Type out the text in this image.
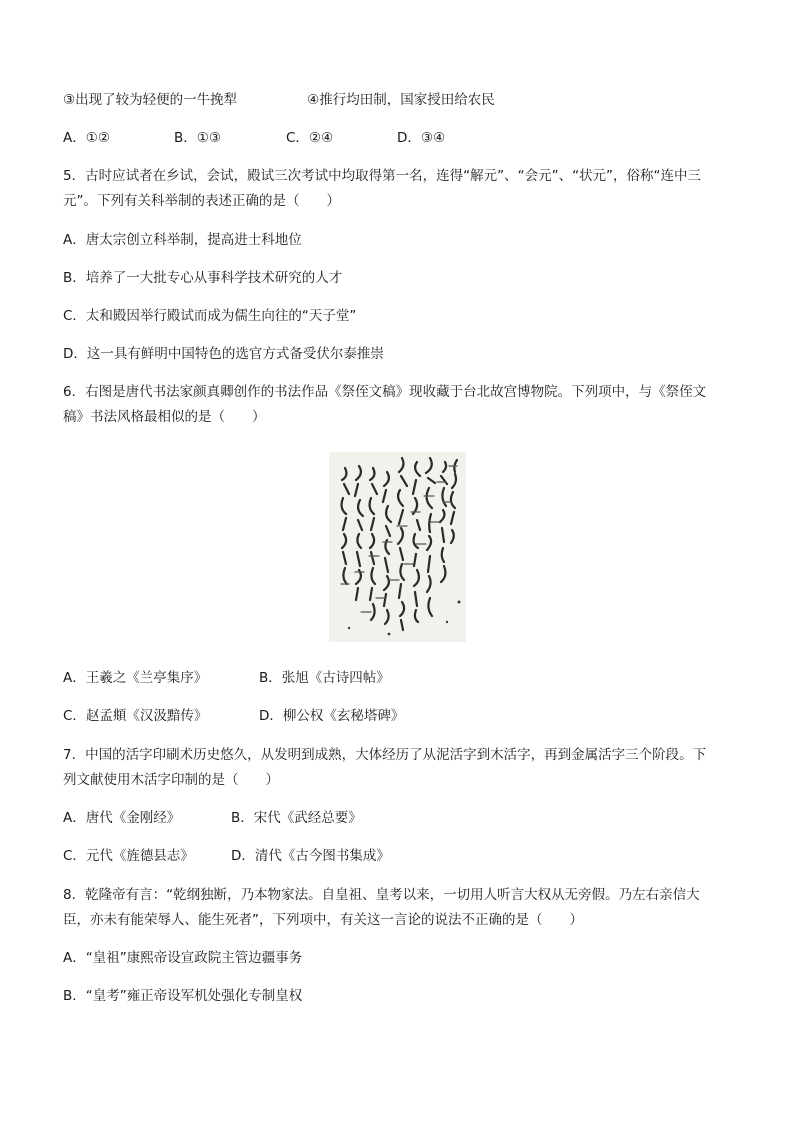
③出现了较为轻便的一牛挽犁	④推行均田制，国家授田给农民
A．①②	B．①③	C．②④	D．③④
5．古时应试者在乡试，会试，殿试三次考试中均取得第一名，连得“解元”、“会元”、“状元”，俗称“连中三
元”。下列有关科举制的表述正确的是（　　）
A．唐太宗创立科举制，提高进士科地位
B．培养了一大批专心从事科学技术研究的人才
C．太和殿因举行殿试而成为儒生向往的“天子堂”
D．这一具有鲜明中国特色的选官方式备受伏尔泰推崇
6．右图是唐代书法家颜真卿创作的书法作品《祭侄文稿》现收藏于台北故宫博物院。下列项中，与《祭侄文
稿》书法风格最相似的是（　　）
A．王羲之《兰亭集序》	B．张旭《古诗四帖》
C．赵孟頫《汉汲黯传》	D．柳公权《玄秘塔碑》
7．中国的活字印刷术历史悠久，从发明到成熟，大体经历了从泥活字到木活字，再到金属活字三个阶段。下
列文献使用木活字印制的是（　　）
A．唐代《金刚经》	B．宋代《武经总要》
C．元代《旌德县志》	D．清代《古今图书集成》
8．乾隆帝有言：“乾纲独断，乃本物家法。自皇祖、皇考以来，一切用人听言大权从无旁假。乃左右亲信大
臣，亦未有能荣辱人、能生死者”，下列项中，有关这一言论的说法不正确的是（　　）
A．“皇祖”康熙帝设宣政院主管边疆事务
B．“皇考”雍正帝设军机处强化专制皇权
